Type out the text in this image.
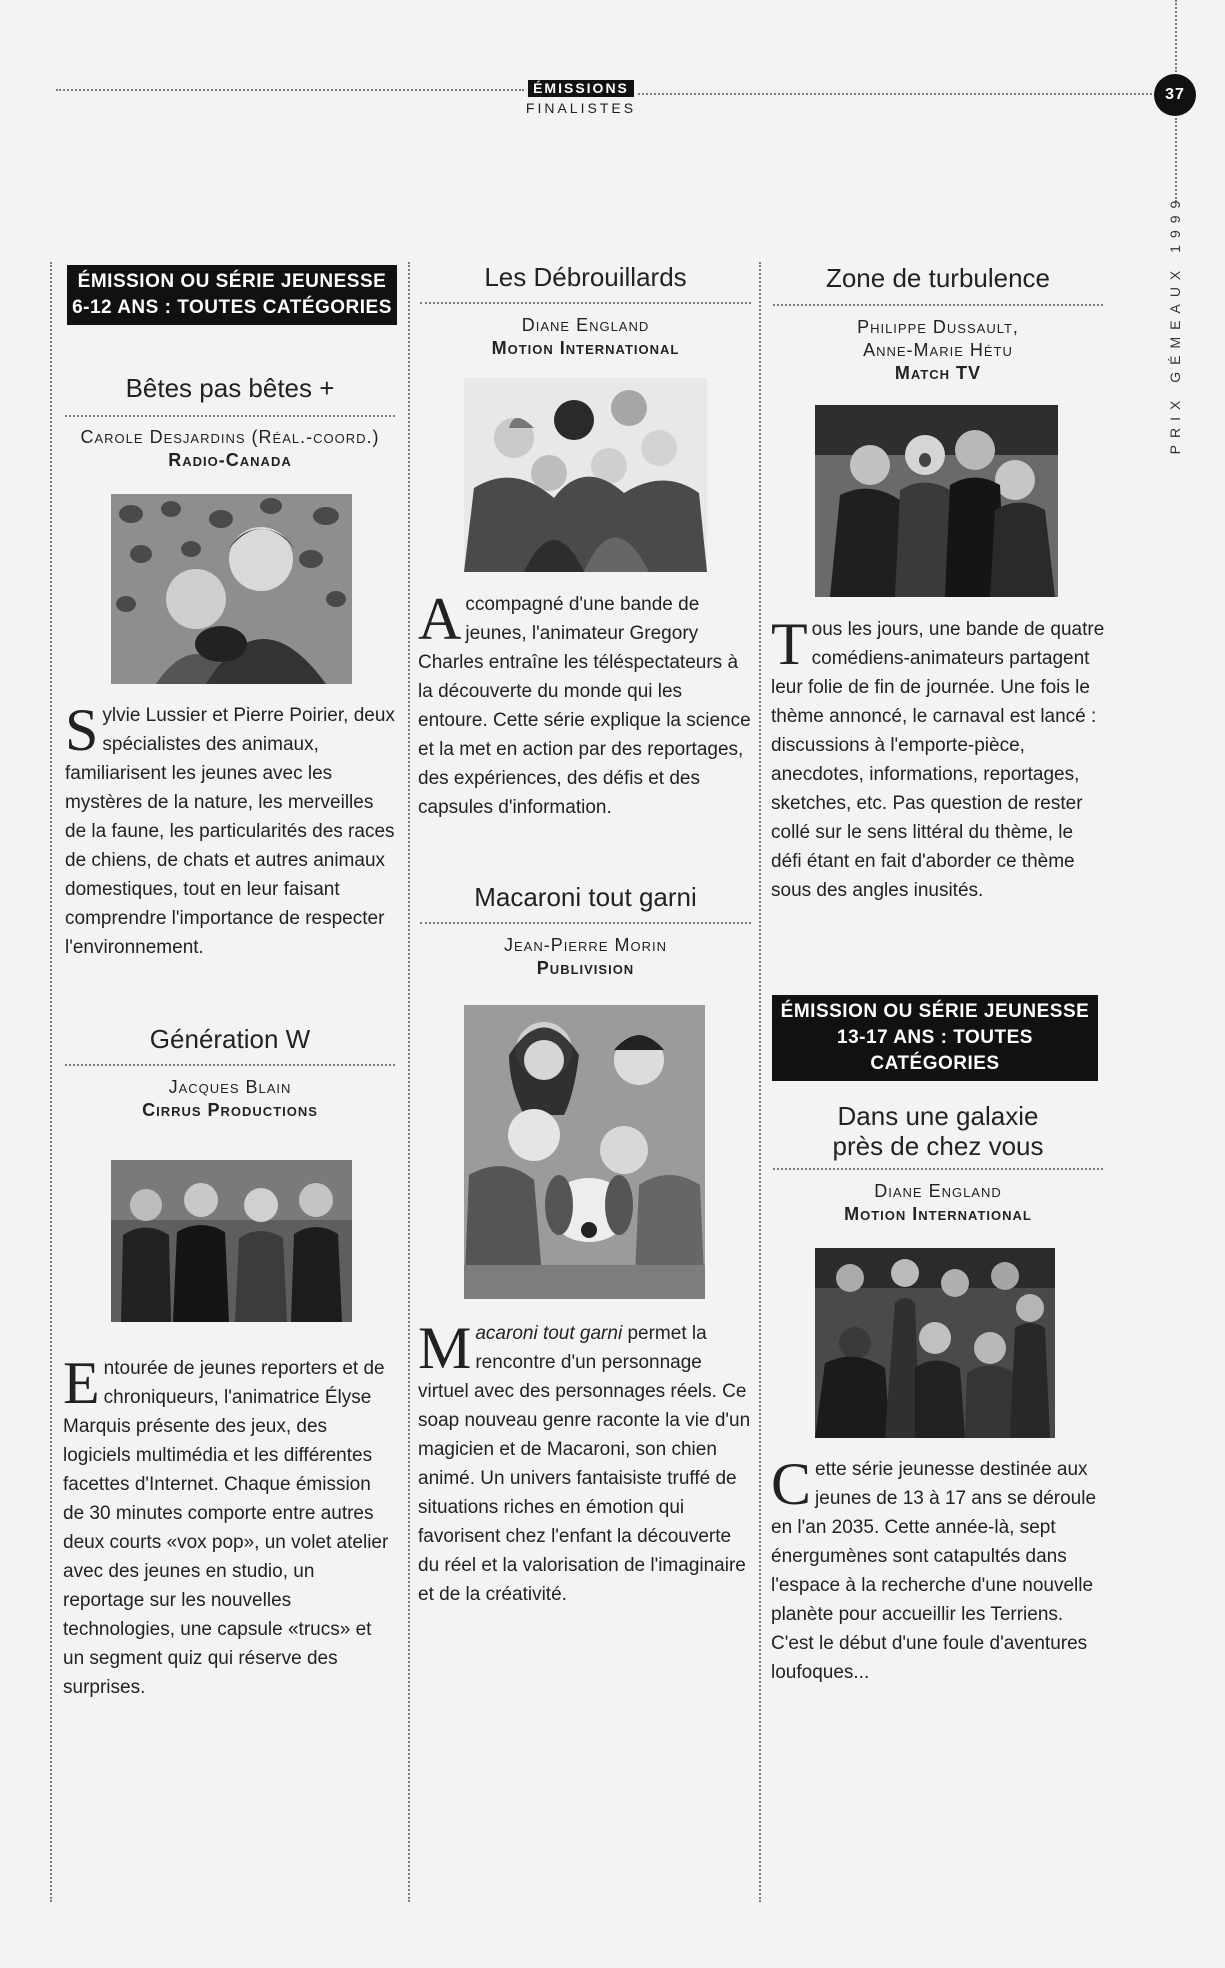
ÉMISSIONS
FINALISTES
37
PRIX GÉMEAUX 1999
ÉMISSION OU SÉRIE JEUNESSE
6-12 ANS : TOUTES CATÉGORIES
Bêtes pas bêtes +
Carole Desjardins (Réal.-coord.)
Radio-Canada
Sylvie Lussier et Pierre Poirier, deux spécialistes des animaux, familiarisent les jeunes avec les mystères de la nature, les merveilles de la faune, les particularités des races de chiens, de chats et autres animaux domestiques, tout en leur faisant comprendre l'importance de respecter l'environnement.
Génération W
Jacques Blain
Cirrus Productions
Entourée de jeunes reporters et de chroniqueurs, l'animatrice Élyse Marquis présente des jeux, des logiciels multimédia et les différentes facettes d'Internet. Chaque émission de 30 minutes comporte entre autres deux courts «vox pop», un volet atelier avec des jeunes en studio, un reportage sur les nouvelles technologies, une capsule «trucs» et un segment quiz qui réserve des surprises.
Les Débrouillards
Diane England
Motion International
Accompagné d'une bande de jeunes, l'animateur Gregory Charles entraîne les téléspectateurs à la découverte du monde qui les entoure. Cette série explique la science et la met en action par des reportages, des expériences, des défis et des capsules d'information.
Macaroni tout garni
Jean-Pierre Morin
Publivision
Macaroni tout garni permet la rencontre d'un personnage virtuel avec des personnages réels. Ce soap nouveau genre raconte la vie d'un magicien et de Macaroni, son chien animé. Un univers fantaisiste truffé de situations riches en émotion qui favorisent chez l'enfant la découverte du réel et la valorisation de l'imaginaire et de la créativité.
Zone de turbulence
Philippe Dussault,
Anne-Marie Hétu
Match TV
Tous les jours, une bande de quatre comédiens-animateurs partagent leur folie de fin de journée. Une fois le thème annoncé, le carnaval est lancé : discussions à l'emporte-pièce, anecdotes, informations, reportages, sketches, etc. Pas question de rester collé sur le sens littéral du thème, le défi étant en fait d'aborder ce thème sous des angles inusités.
ÉMISSION OU SÉRIE JEUNESSE
13-17 ANS : TOUTES CATÉGORIES
Dans une galaxie
près de chez vous
Diane England
Motion International
Cette série jeunesse destinée aux jeunes de 13 à 17 ans se déroule en l'an 2035. Cette année-là, sept énergumènes sont catapultés dans l'espace à la recherche d'une nouvelle planète pour accueillir les Terriens. C'est le début d'une foule d'aventures loufoques...
